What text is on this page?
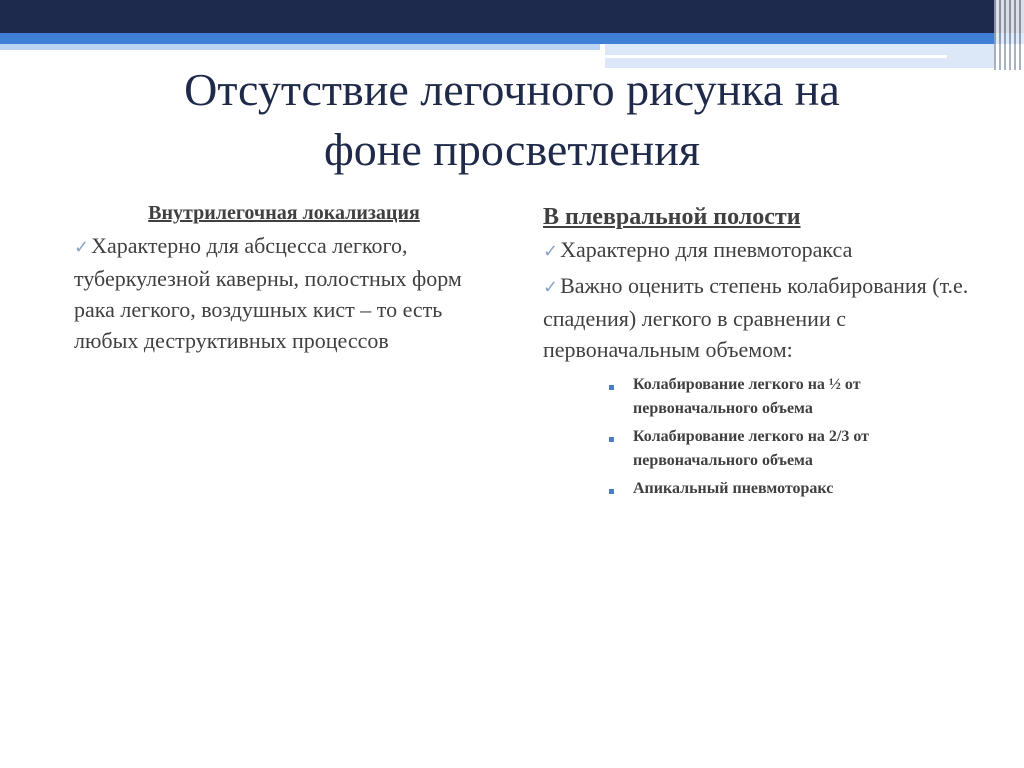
Отсутствие легочного рисунка на
фоне просветления
Внутрилегочная локализация

✓Характерно для абсцесса легкого, туберкулезной каверны, полостных форм рака легкого, воздушных кист – то есть любых деструктивных процессов

В плевральной полости

✓Характерно для пневмоторакса

✓Важно оценить степень колабирования (т.е. спадения) легкого в сравнении с первоначальным объемом:

▪ Колабирование легкого на ½ от первоначального объема
▪ Колабирование легкого на 2/3 от первоначального объема
▪ Апикальный пневмоторакс
